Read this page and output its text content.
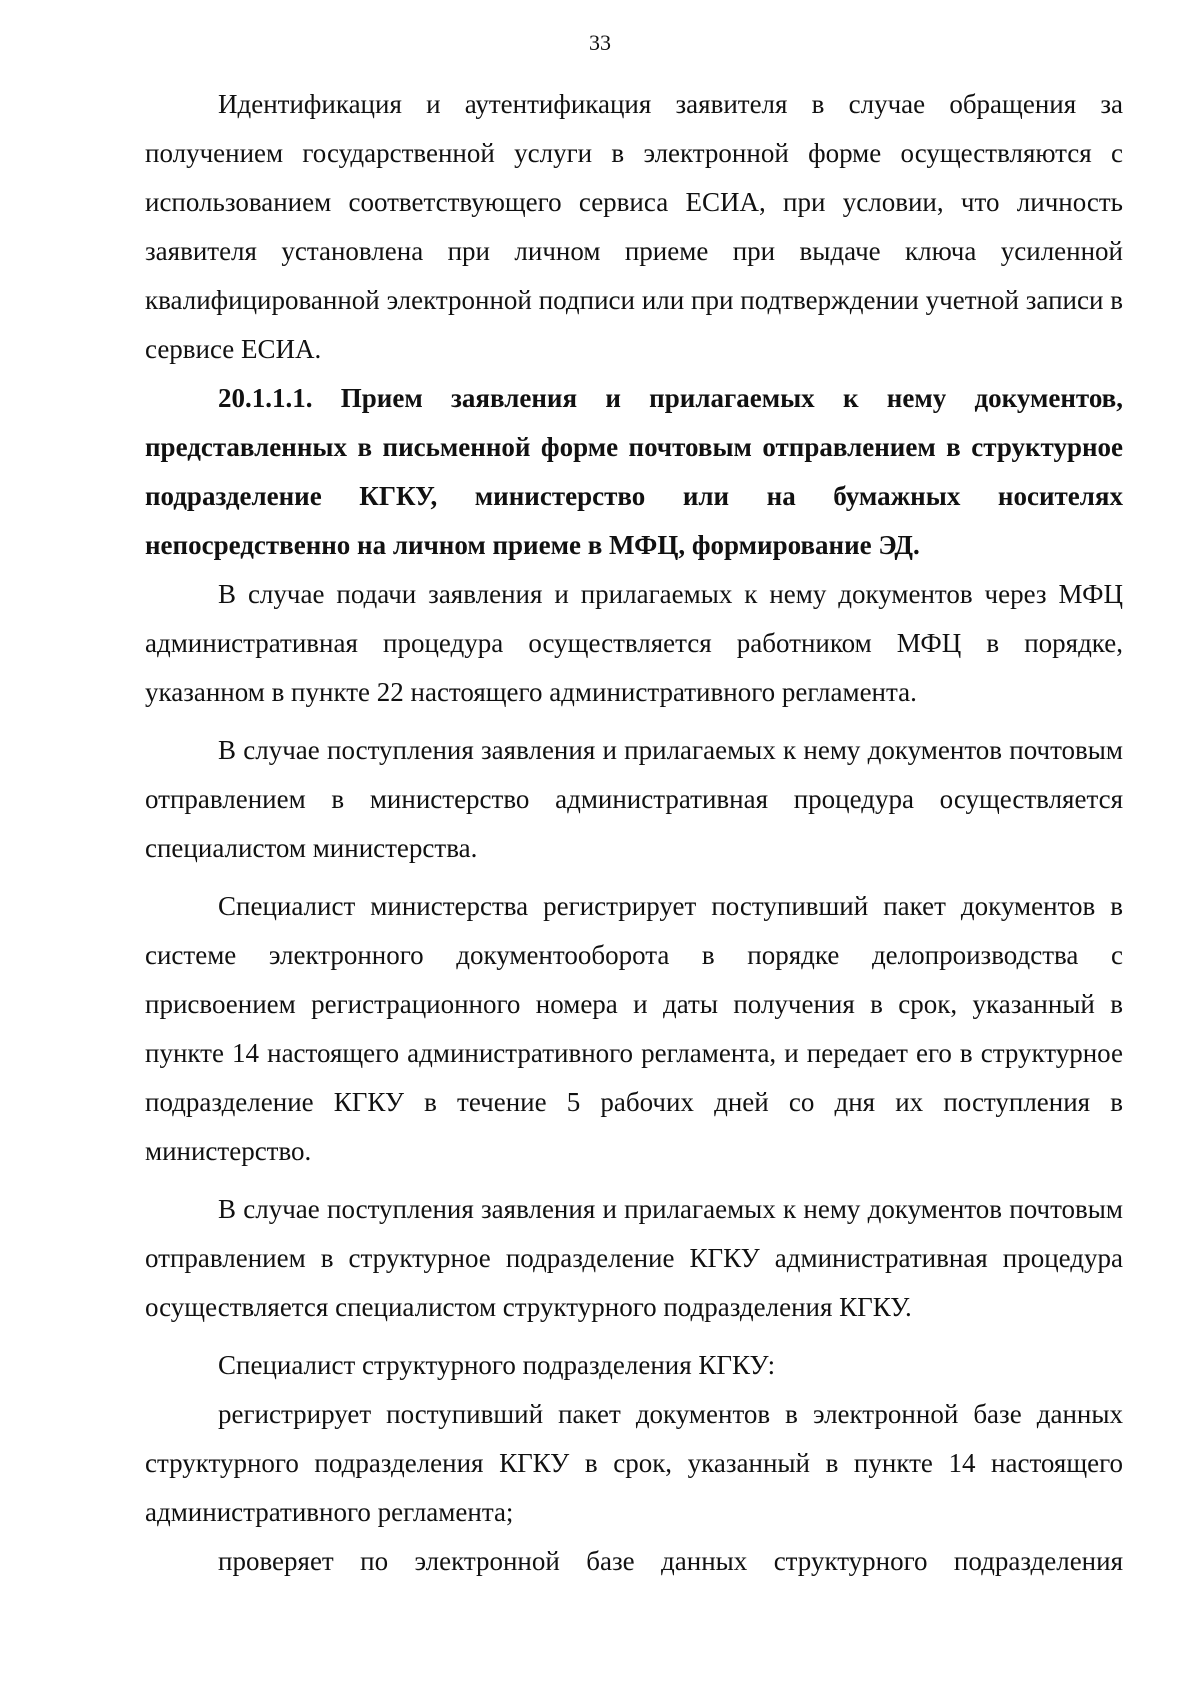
33

Идентификация и аутентификация заявителя в случае обращения за получением государственной услуги в электронной форме осуществляются с использованием соответствующего сервиса ЕСИА, при условии, что личность заявителя установлена при личном приеме при выдаче ключа усиленной квалифицированной электронной подписи или при подтверждении учетной записи в сервисе ЕСИА.

20.1.1.1. Прием заявления и прилагаемых к нему документов, представленных в письменной форме почтовым отправлением в структурное подразделение КГКУ, министерство или на бумажных носителях непосредственно на личном приеме в МФЦ, формирование ЭД.

В случае подачи заявления и прилагаемых к нему документов через МФЦ административная процедура осуществляется работником МФЦ в порядке, указанном в пункте 22 настоящего административного регламента.

В случае поступления заявления и прилагаемых к нему документов почтовым отправлением в министерство административная процедура осуществляется специалистом министерства.

Специалист министерства регистрирует поступивший пакет документов в системе электронного документооборота в порядке делопроизводства с присвоением регистрационного номера и даты получения в срок, указанный в пункте 14 настоящего административного регламента, и передает его в структурное подразделение КГКУ в течение 5 рабочих дней со дня их поступления в министерство.

В случае поступления заявления и прилагаемых к нему документов почтовым отправлением в структурное подразделение КГКУ административная процедура осуществляется специалистом структурного подразделения КГКУ.

Специалист структурного подразделения КГКУ:

регистрирует поступивший пакет документов в электронной базе данных структурного подразделения КГКУ в срок, указанный в пункте 14 настоящего административного регламента;

проверяет по электронной базе данных структурного подразделения
